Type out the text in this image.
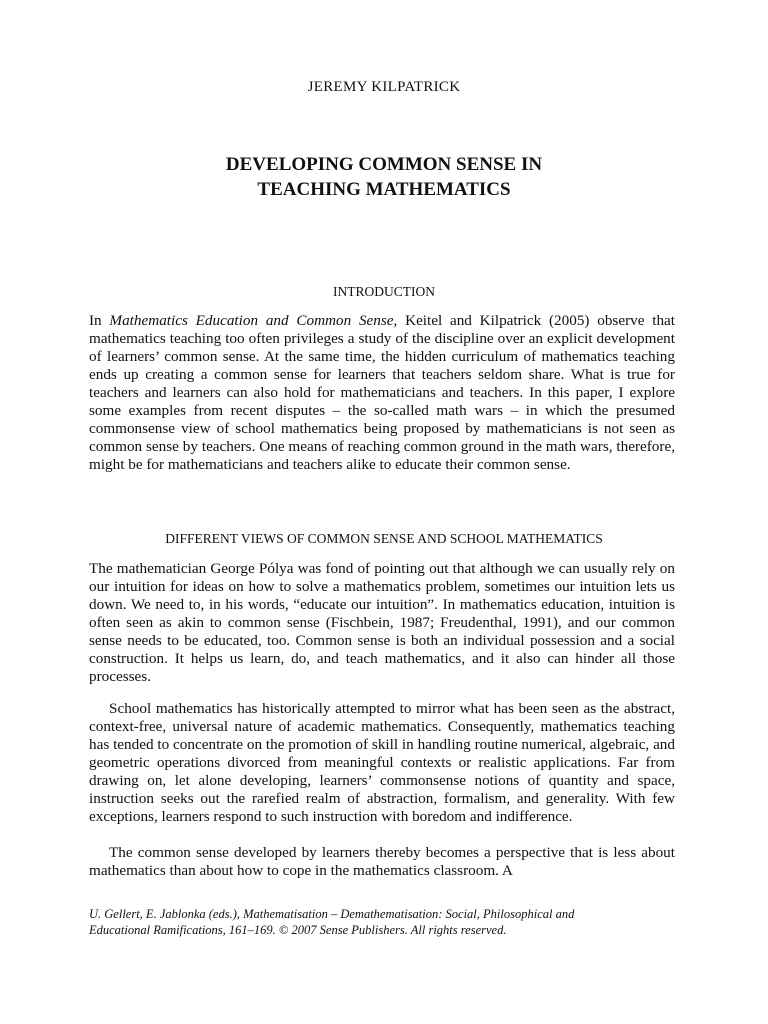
JEREMY KILPATRICK
DEVELOPING COMMON SENSE IN
TEACHING MATHEMATICS
INTRODUCTION

In Mathematics Education and Common Sense, Keitel and Kilpatrick (2005) observe that mathematics teaching too often privileges a study of the discipline over an explicit development of learners’ common sense. At the same time, the hidden curriculum of mathematics teaching ends up creating a common sense for learners that teachers seldom share. What is true for teachers and learners can also hold for mathematicians and teachers. In this paper, I explore some examples from recent disputes – the so-called math wars – in which the presumed commonsense view of school mathematics being proposed by mathematicians is not seen as common sense by teachers. One means of reaching common ground in the math wars, therefore, might be for mathematicians and teachers alike to educate their common sense.

DIFFERENT VIEWS OF COMMON SENSE AND SCHOOL MATHEMATICS

The mathematician George Pólya was fond of pointing out that although we can usually rely on our intuition for ideas on how to solve a mathematics problem, sometimes our intuition lets us down. We need to, in his words, “educate our intuition”. In mathematics education, intuition is often seen as akin to common sense (Fischbein, 1987; Freudenthal, 1991), and our common sense needs to be educated, too. Common sense is both an individual possession and a social construction. It helps us learn, do, and teach mathematics, and it also can hinder all those processes.

School mathematics has historically attempted to mirror what has been seen as the abstract, context-free, universal nature of academic mathematics. Consequently, mathematics teaching has tended to concentrate on the promotion of skill in handling routine numerical, algebraic, and geometric operations divorced from meaningful contexts or realistic applications. Far from drawing on, let alone developing, learners’ commonsense notions of quantity and space, instruction seeks out the rarefied realm of abstraction, formalism, and generality. With few exceptions, learners respond to such instruction with boredom and indifference.

The common sense developed by learners thereby becomes a perspective that is less about mathematics than about how to cope in the mathematics classroom. A

U. Gellert, E. Jablonka (eds.), Mathematisation – Demathematisation: Social, Philosophical and
Educational Ramifications, 161–169. © 2007 Sense Publishers. All rights reserved.
